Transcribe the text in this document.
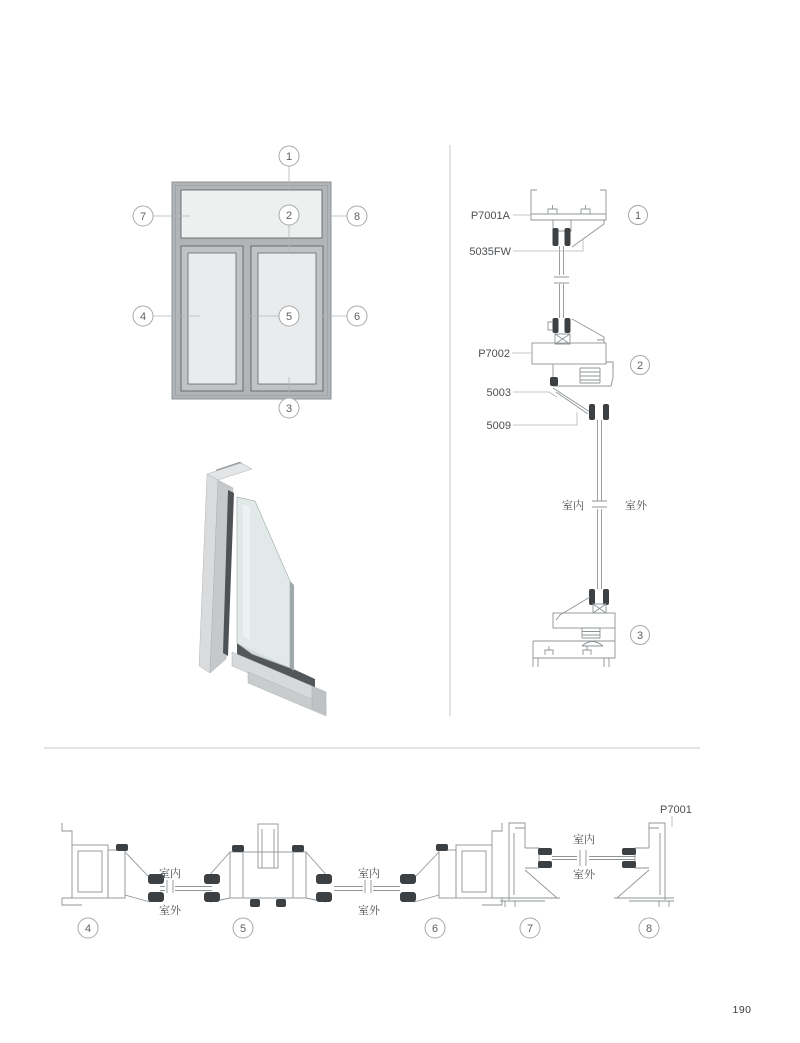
1
2
3
4	5	6
7	8
室内	室外
P7001A
5035FW
P7002
5003
5009
1
2
3
室内
室外
室内
室外
室内
室外
P7001
4	5	6	7	8
190
